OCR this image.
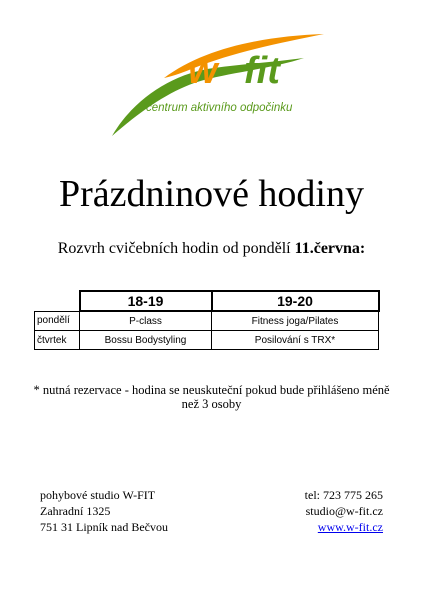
w fit
centrum aktivního odpočinku
Prázdninové hodiny
Rozvrh cvičebních hodin od pondělí 11.června:
	18-19	19-20
pondělí	P-class	Fitness joga/Pilates
čtvrtek	Bossu Bodystyling	Posilování s TRX*
* nutná rezervace - hodina se neuskuteční pokud bude přihlášeno méně než 3 osoby
pohybové studio W-FIT
Zahradní 1325
751 31 Lipník nad Bečvou
tel: 723 775 265
studio@w-fit.cz
www.w-fit.cz
